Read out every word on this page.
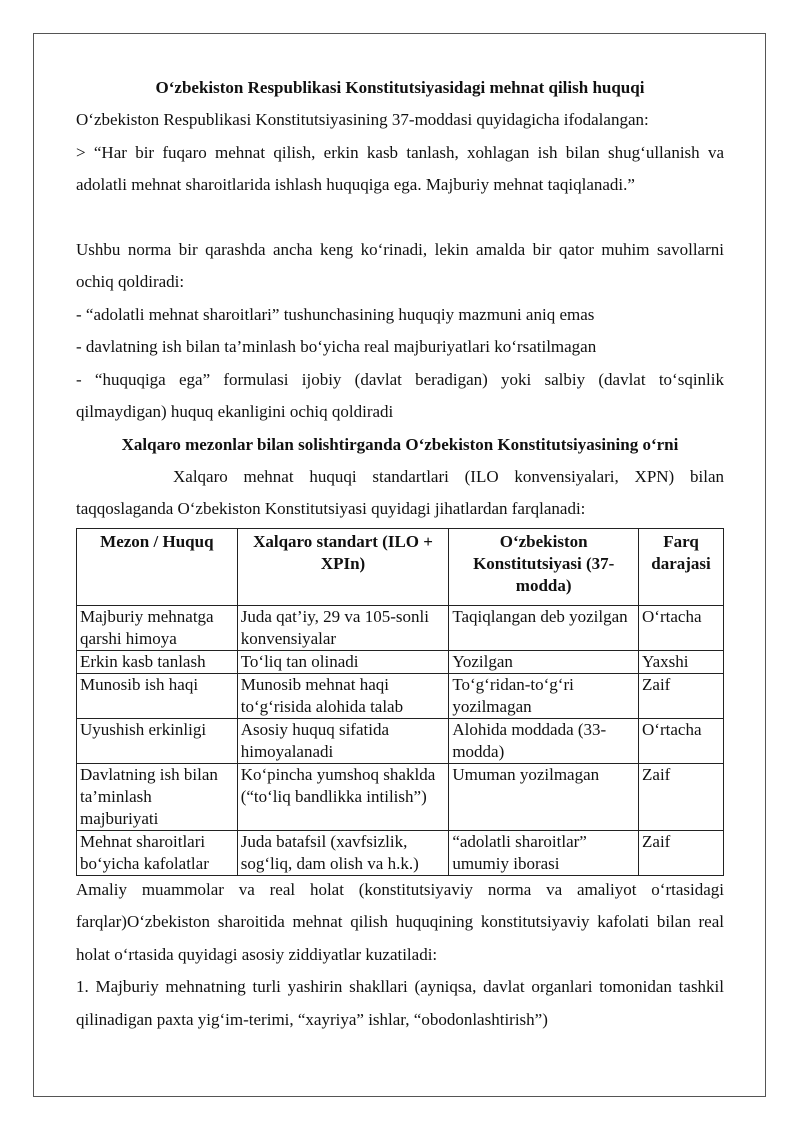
O‘zbekiston Respublikasi Konstitutsiyasidagi mehnat qilish huquqi

O‘zbekiston Respublikasi Konstitutsiyasining 37-moddasi quyidagicha ifodalangan:

> “Har bir fuqaro mehnat qilish, erkin kasb tanlash, xohlagan ish bilan shug‘ullanish va adolatli mehnat sharoitlarida ishlash huquqiga ega. Majburiy mehnat taqiqlanadi.”

Ushbu norma bir qarashda ancha keng ko‘rinadi, lekin amalda bir qator muhim savollarni ochiq qoldiradi:

- “adolatli mehnat sharoitlari” tushunchasining huquqiy mazmuni aniq emas

- davlatning ish bilan ta’minlash bo‘yicha real majburiyatlari ko‘rsatilmagan

- “huquqiga ega” formulasi ijobiy (davlat beradigan) yoki salbiy (davlat to‘sqinlik qilmaydigan) huquq ekanligini ochiq qoldiradi

Xalqaro mezonlar bilan solishtirganda O‘zbekiston Konstitutsiyasining o‘rni

Xalqaro mehnat huquqi standartlari (ILO konvensiyalari, XPN) bilan taqqoslaganda O‘zbekiston Konstitutsiyasi quyidagi jihatlardan farqlanadi:

Mezon / Huquq	Xalqaro standart (ILO + XPIn)	O‘zbekiston Konstitutsiyasi (37-modda)	Farq darajasi
Majburiy mehnatga qarshi himoya	Juda qat’iy, 29 va 105-sonli konvensiyalar	Taqiqlangan deb yozilgan	O‘rtacha
Erkin kasb tanlash	To‘liq tan olinadi	Yozilgan	Yaxshi
Munosib ish haqi	Munosib mehnat haqi to‘g‘risida alohida talab	To‘g‘ridan-to‘g‘ri yozilmagan	Zaif
Uyushish erkinligi	Asosiy huquq sifatida himoyalanadi	Alohida moddada (33-modda)	O‘rtacha
Davlatning ish bilan ta’minlash majburiyati	Ko‘pincha yumshoq shaklda (“to‘liq bandlikka intilish”)	Umuman yozilmagan	Zaif
Mehnat sharoitlari bo‘yicha kafolatlar	Juda batafsil (xavfsizlik, sog‘liq, dam olish va h.k.)	“adolatli sharoitlar” umumiy iborasi	Zaif

Amaliy muammolar va real holat (konstitutsiyaviy norma va amaliyot o‘rtasidagi farqlar)O‘zbekiston sharoitida mehnat qilish huquqining konstitutsiyaviy kafolati bilan real holat o‘rtasida quyidagi asosiy ziddiyatlar kuzatiladi:

1. Majburiy mehnatning turli yashirin shakllari (ayniqsa, davlat organlari tomonidan tashkil qilinadigan paxta yig‘im-terimi, “xayriya” ishlar, “obodonlashtirish”)
